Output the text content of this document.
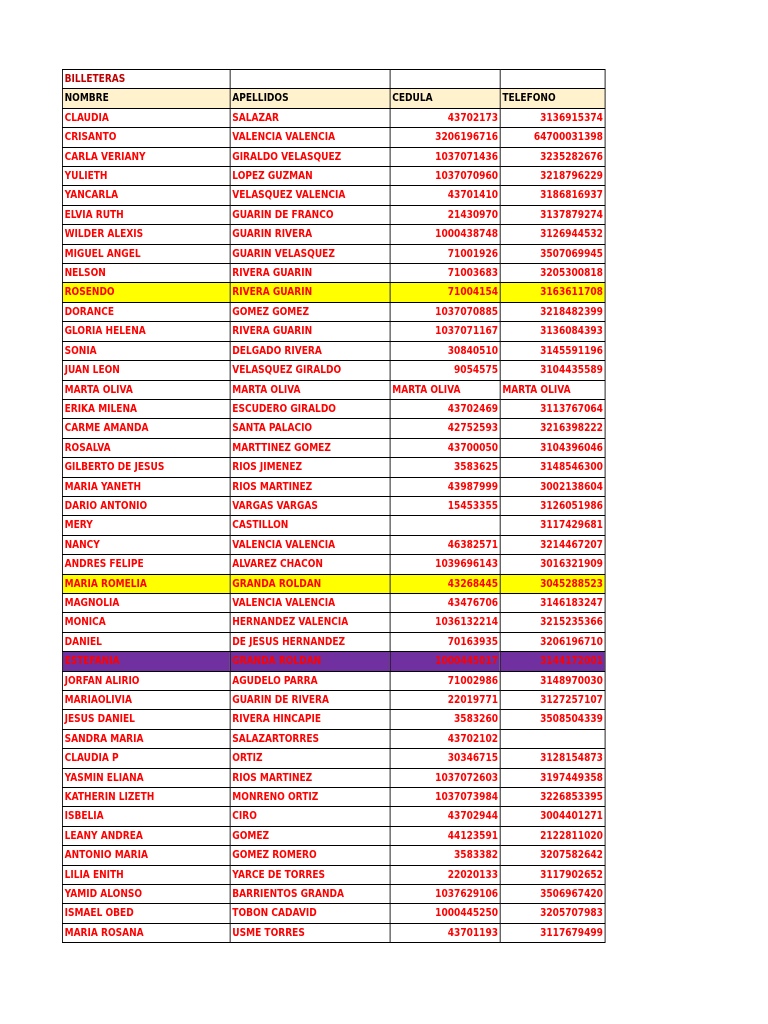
BILLETERAS			
NOMBRE	APELLIDOS	CEDULA	TELEFONO
CLAUDIA	SALAZAR	43702173	3136915374
CRISANTO	VALENCIA VALENCIA	3206196716	64700031398
CARLA VERIANY	GIRALDO VELASQUEZ	1037071436	3235282676
YULIETH	LOPEZ GUZMAN	1037070960	3218796229
YANCARLA	VELASQUEZ VALENCIA	43701410	3186816937
ELVIA RUTH	GUARIN DE FRANCO	21430970	3137879274
WILDER ALEXIS	GUARIN RIVERA	1000438748	3126944532
MIGUEL ANGEL	GUARIN VELASQUEZ	71001926	3507069945
NELSON	RIVERA GUARIN	71003683	3205300818
ROSENDO	RIVERA GUARIN	71004154	3163611708
DORANCE	GOMEZ GOMEZ	1037070885	3218482399
GLORIA HELENA	RIVERA GUARIN	1037071167	3136084393
SONIA	DELGADO RIVERA	30840510	3145591196
JUAN LEON	VELASQUEZ GIRALDO	9054575	3104435589
MARTA OLIVA	MARTA OLIVA	MARTA OLIVA	MARTA OLIVA
ERIKA MILENA	ESCUDERO GIRALDO	43702469	3113767064
CARME AMANDA	SANTA PALACIO	42752593	3216398222
ROSALVA	MARTTINEZ GOMEZ	43700050	3104396046
GILBERTO DE JESUS	RIOS JIMENEZ	3583625	3148546300
MARIA YANETH	RIOS MARTINEZ	43987999	3002138604
DARIO ANTONIO	VARGAS VARGAS	15453355	3126051986
MERY	CASTILLON		3117429681
NANCY	VALENCIA VALENCIA	46382571	3214467207
ANDRES FELIPE	ALVAREZ CHACON	1039696143	3016321909
MARIA ROMELIA	GRANDA ROLDAN	43268445	3045288523
MAGNOLIA	VALENCIA VALENCIA	43476706	3146183247
MONICA	HERNANDEZ VALENCIA	1036132214	3215235366
DANIEL	DE JESUS HERNANDEZ	70163935	3206196710
ESTEFANIA	GRANDA ROLDAN	1000445017	3144172001
JORFAN ALIRIO	AGUDELO PARRA	71002986	3148970030
MARIAOLIVIA	GUARIN DE RIVERA	22019771	3127257107
JESUS DANIEL	RIVERA HINCAPIE	3583260	3508504339
SANDRA MARIA	SALAZARTORRES	43702102	
CLAUDIA P	ORTIZ	30346715	3128154873
YASMIN ELIANA	RIOS MARTINEZ	1037072603	3197449358
KATHERIN LIZETH	MONRENO ORTIZ	1037073984	3226853395
ISBELIA	CIRO	43702944	3004401271
LEANY ANDREA	GOMEZ	44123591	2122811020
ANTONIO MARIA	GOMEZ ROMERO	3583382	3207582642
LILIA ENITH	YARCE DE TORRES	22020133	3117902652
YAMID ALONSO	BARRIENTOS GRANDA	1037629106	3506967420
ISMAEL OBED	TOBON CADAVID	1000445250	3205707983
MARIA ROSANA	USME TORRES	43701193	3117679499
